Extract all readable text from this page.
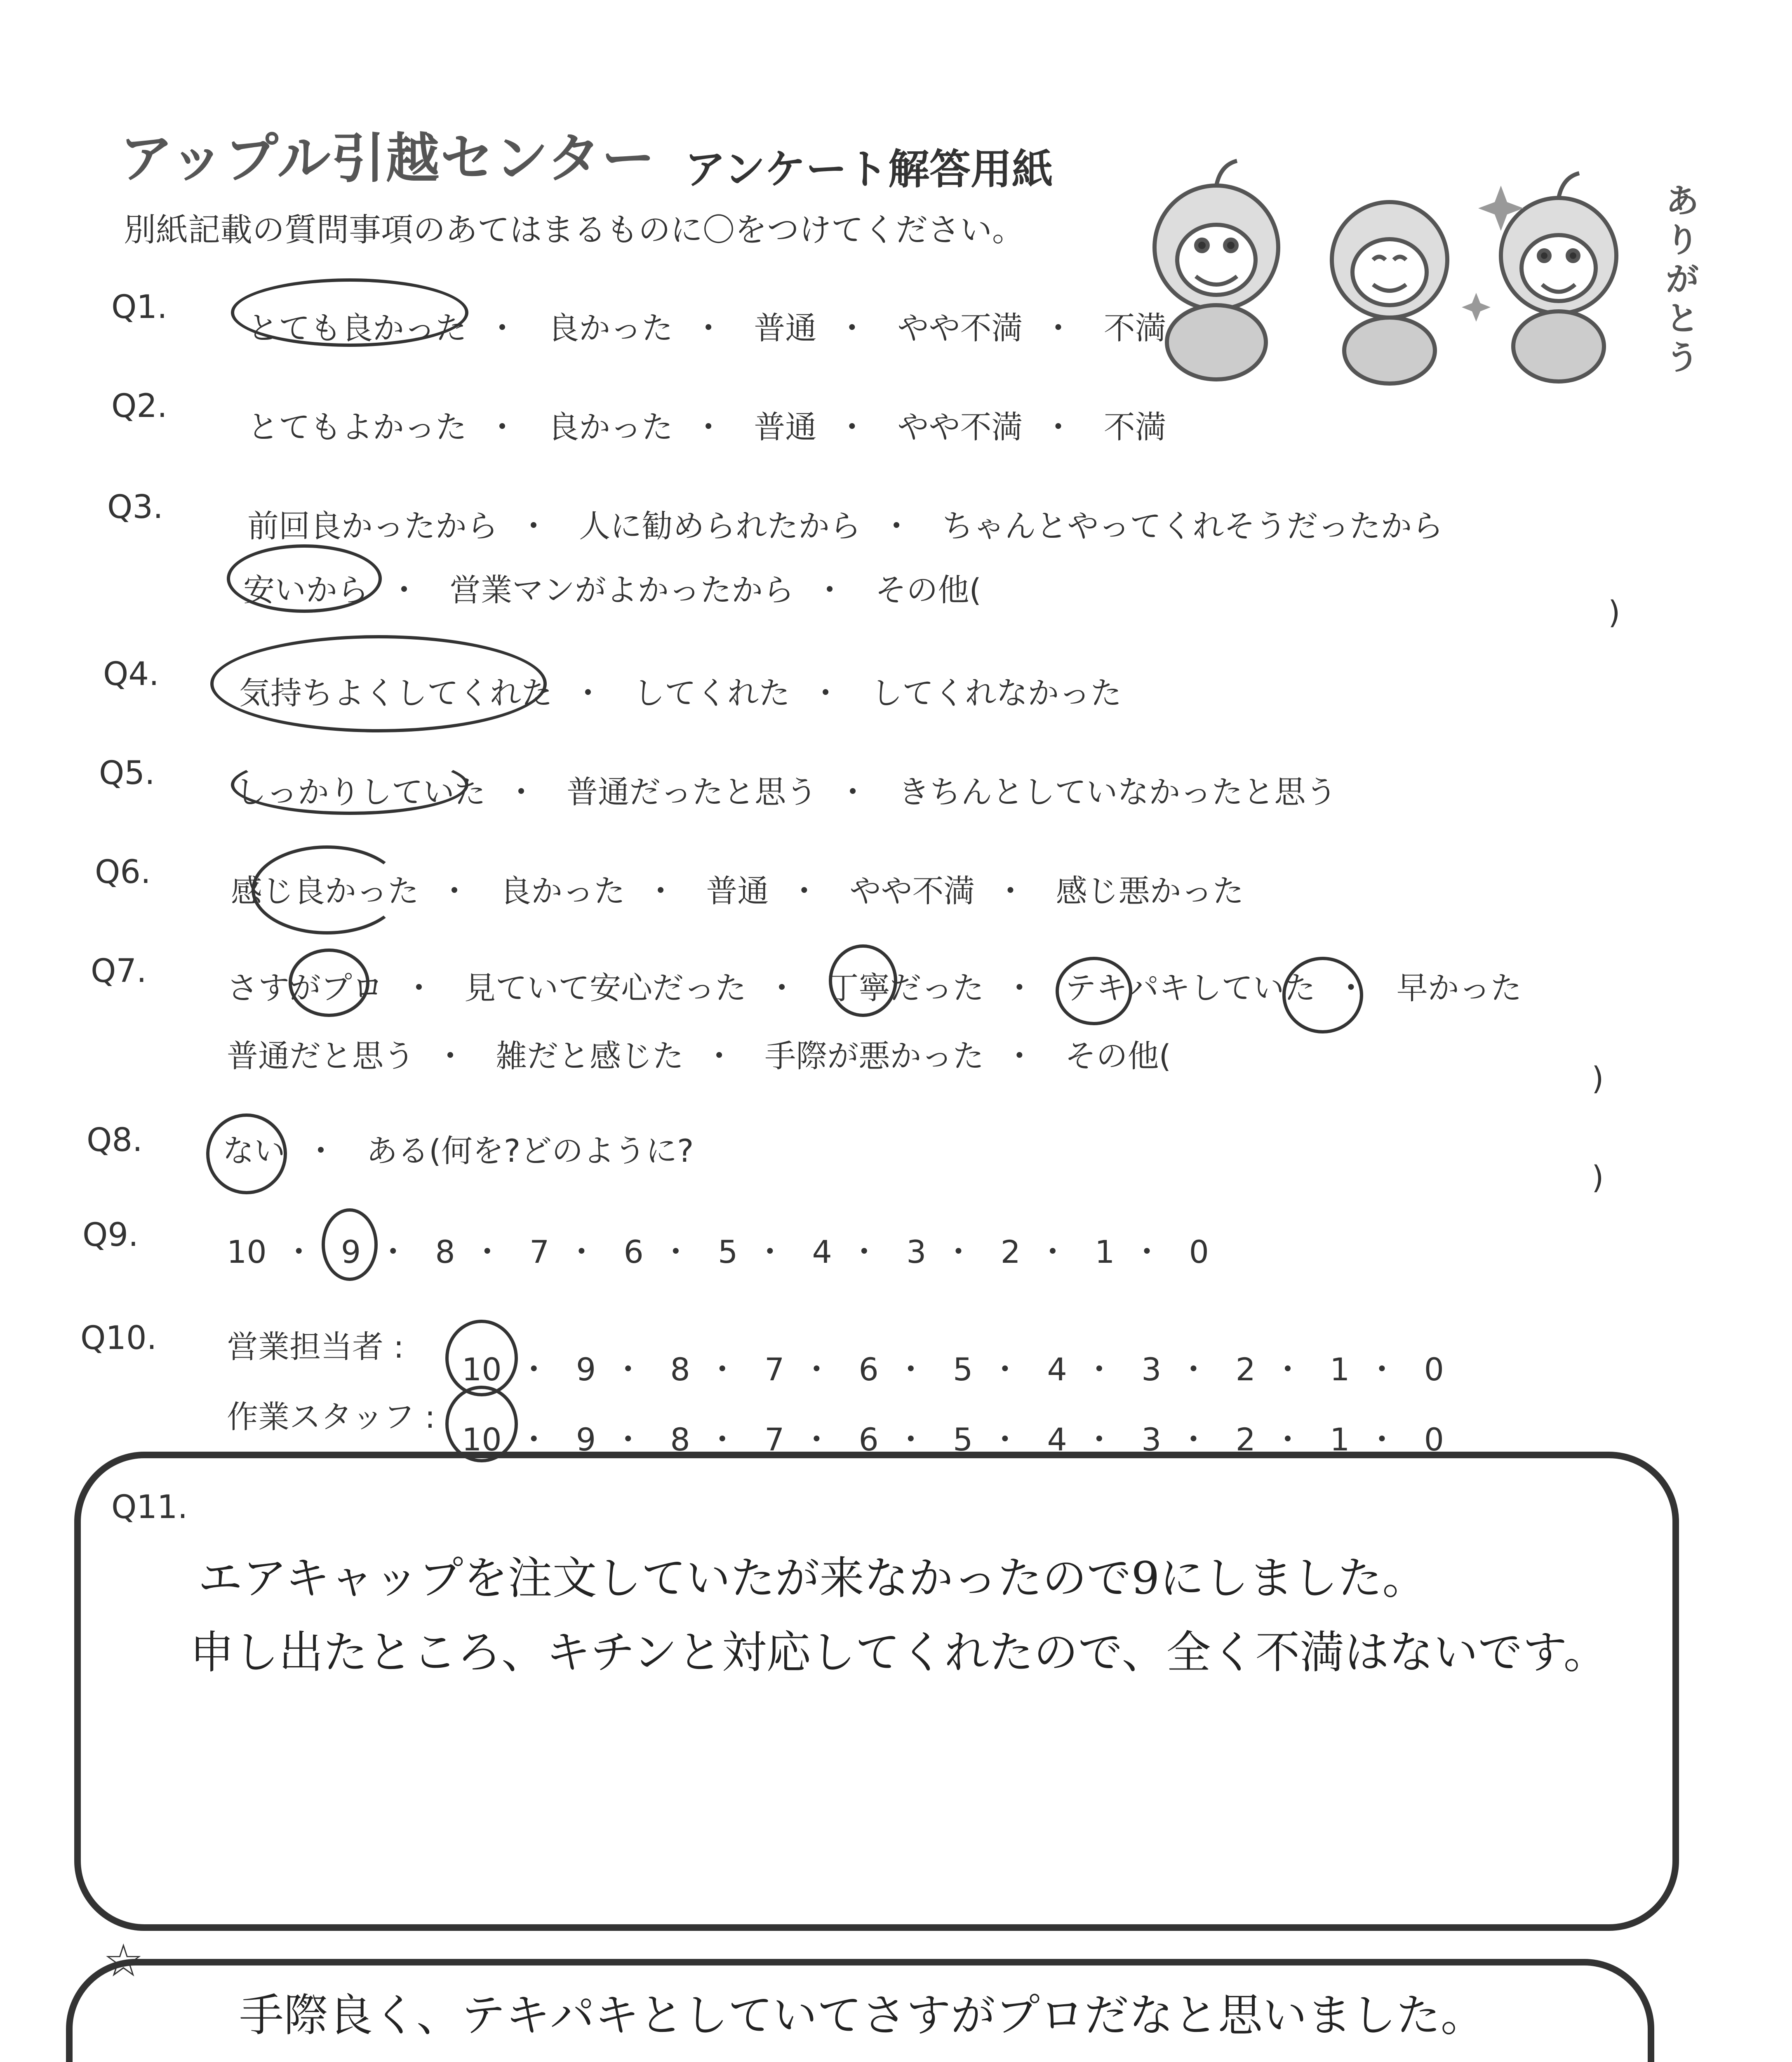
アップル引越センター アンケート解答用紙
別紙記載の質問事項のあてはまるものに〇をつけてください。
ありがとう
Q1.
とても良かった ・ 良かった ・ 普通 ・ やや不満 ・ 不満
Q2.
とてもよかった ・ 良かった ・ 普通 ・ やや不満 ・ 不満
Q3.
前回良かったから ・ 人に勧められたから ・ ちゃんとやってくれそうだったから
安いから ・ 営業マンがよかったから ・ その他(
)
Q4.
気持ちよくしてくれた ・ してくれた ・ してくれなかった
Q5.
しっかりしていた ・ 普通だったと思う ・ きちんとしていなかったと思う
Q6.
感じ良かった ・ 良かった ・ 普通 ・ やや不満 ・ 感じ悪かった
Q7.	さすがプロ ・ 見ていて安心だった ・ 丁寧だった ・ テキパキしていた ・ 早かった
普通だと思う ・ 雑だと感じた ・ 手際が悪かった ・ その他(
)
Q8.	ない ・ ある(何を?どのように?
)
Q9.	10 ・ 9 ・ 8 ・ 7 ・ 6 ・ 5 ・ 4 ・ 3 ・ 2 ・ 1 ・ 0
Q10. 営業担当者 :
10 ・ 9 ・ 8 ・ 7 ・ 6 ・ 5 ・ 4 ・ 3 ・ 2 ・ 1 ・ 0
作業スタッフ :
10 ・ 9 ・ 8 ・ 7 ・ 6 ・ 5 ・ 4 ・ 3 ・ 2 ・ 1 ・ 0
Q11.
エアキャップを注文していたが来なかったので9にしました。
申し出たところ、キチンと対応してくれたので、全く不満はないです。
☆
手際良く、テキパキとしていてさすがプロだなと思いました。
